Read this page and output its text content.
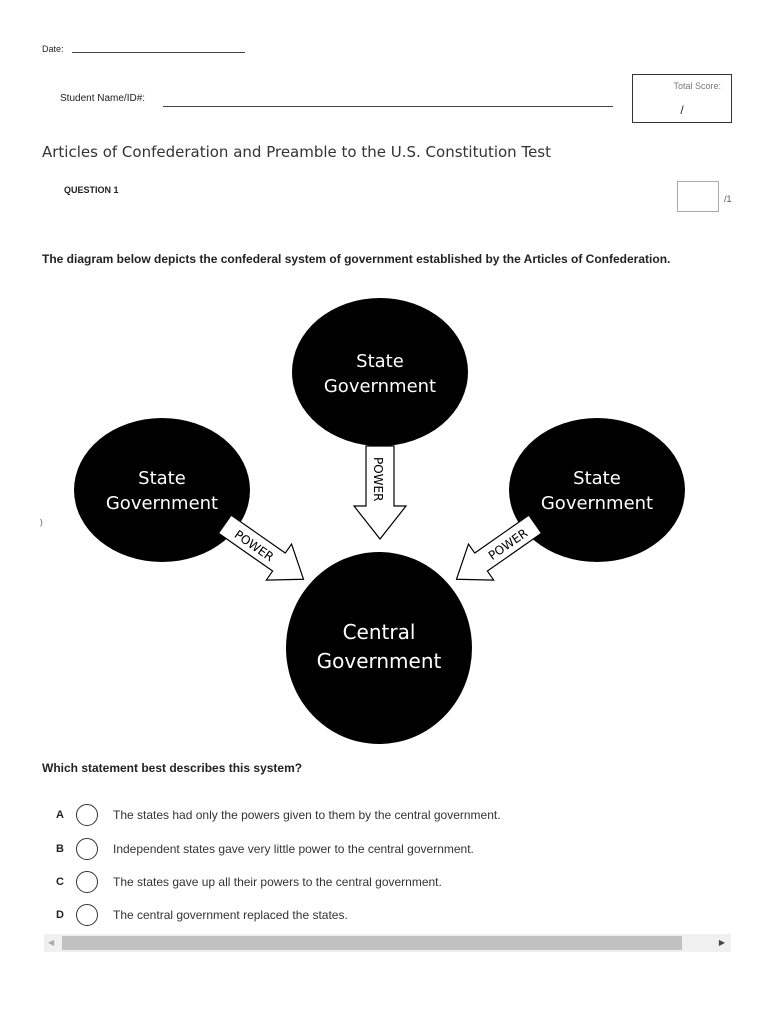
Date:
Student Name/ID#:
Total Score:
/
Articles of Confederation and Preamble to the U.S. Constitution Test
QUESTION 1
/1
The diagram below depicts the confederal system of government established by the Articles of Confederation.
)
State
Government
State
Government
State
Government
Central
Government
POWER
POWER	POWER
Which statement best describes this system?
A	The states had only the powers given to them by the central government.
B	Independent states gave very little power to the central government.
C	The states gave up all their powers to the central government.
D	The central government replaced the states.
◀	▶
